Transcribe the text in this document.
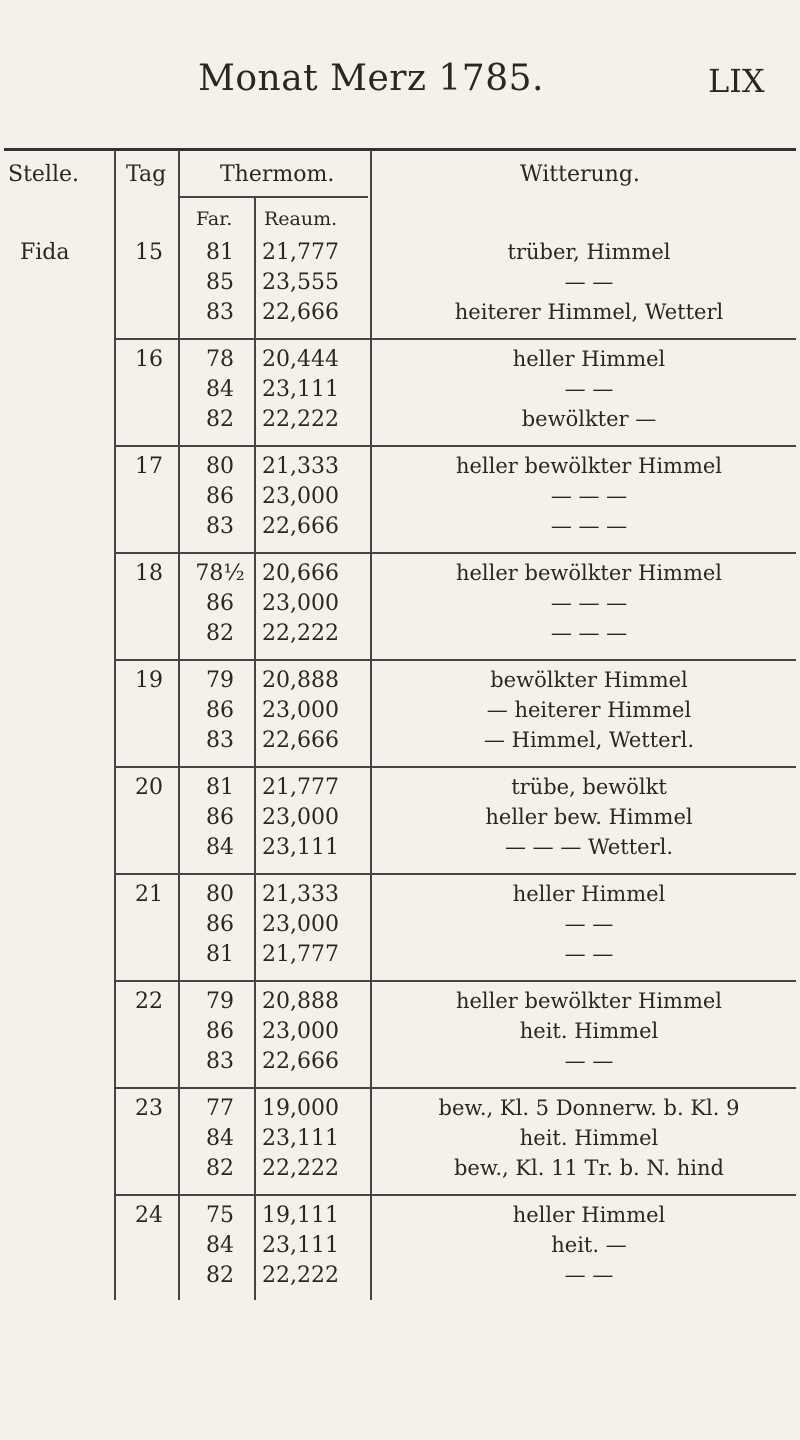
Monat Merz 1785.	LIX
Stelle. Tag Thermom.	Witterung.
Far. Reaum.
Fida	15	81	21,777	trüber, Himmel
85	23,555	— —
83	22,666	heiterer Himmel, Wetterl
16	78	20,444	heller Himmel
84	23,111	— —
82	22,222	bewölkter —
17	80	21,333	heller bewölkter Himmel
86	23,000	— — —
83	22,666	— — —
18	78½ 20,666	heller bewölkter Himmel
86	23,000	— — —
82	22,222	— — —
19	79	20,888	bewölkter Himmel
86	23,000	— heiterer Himmel
83	22,666	— Himmel, Wetterl.
20	81	21,777	trübe, bewölkt
86	23,000	heller bew. Himmel
84	23,111	— — — Wetterl.
21	80	21,333	heller Himmel
86	23,000	— —
81	21,777	— —
22	79	20,888	heller bewölkter Himmel
86	23,000	heit. Himmel
83	22,666	— —
23	77	19,000	bew., Kl. 5 Donnerw. b. Kl. 9
84	23,111	heit. Himmel
82	22,222	bew., Kl. 11 Tr. b. N. hind
24	75	19,111	heller Himmel
84	23,111	heit. —
82	22,222	— —
